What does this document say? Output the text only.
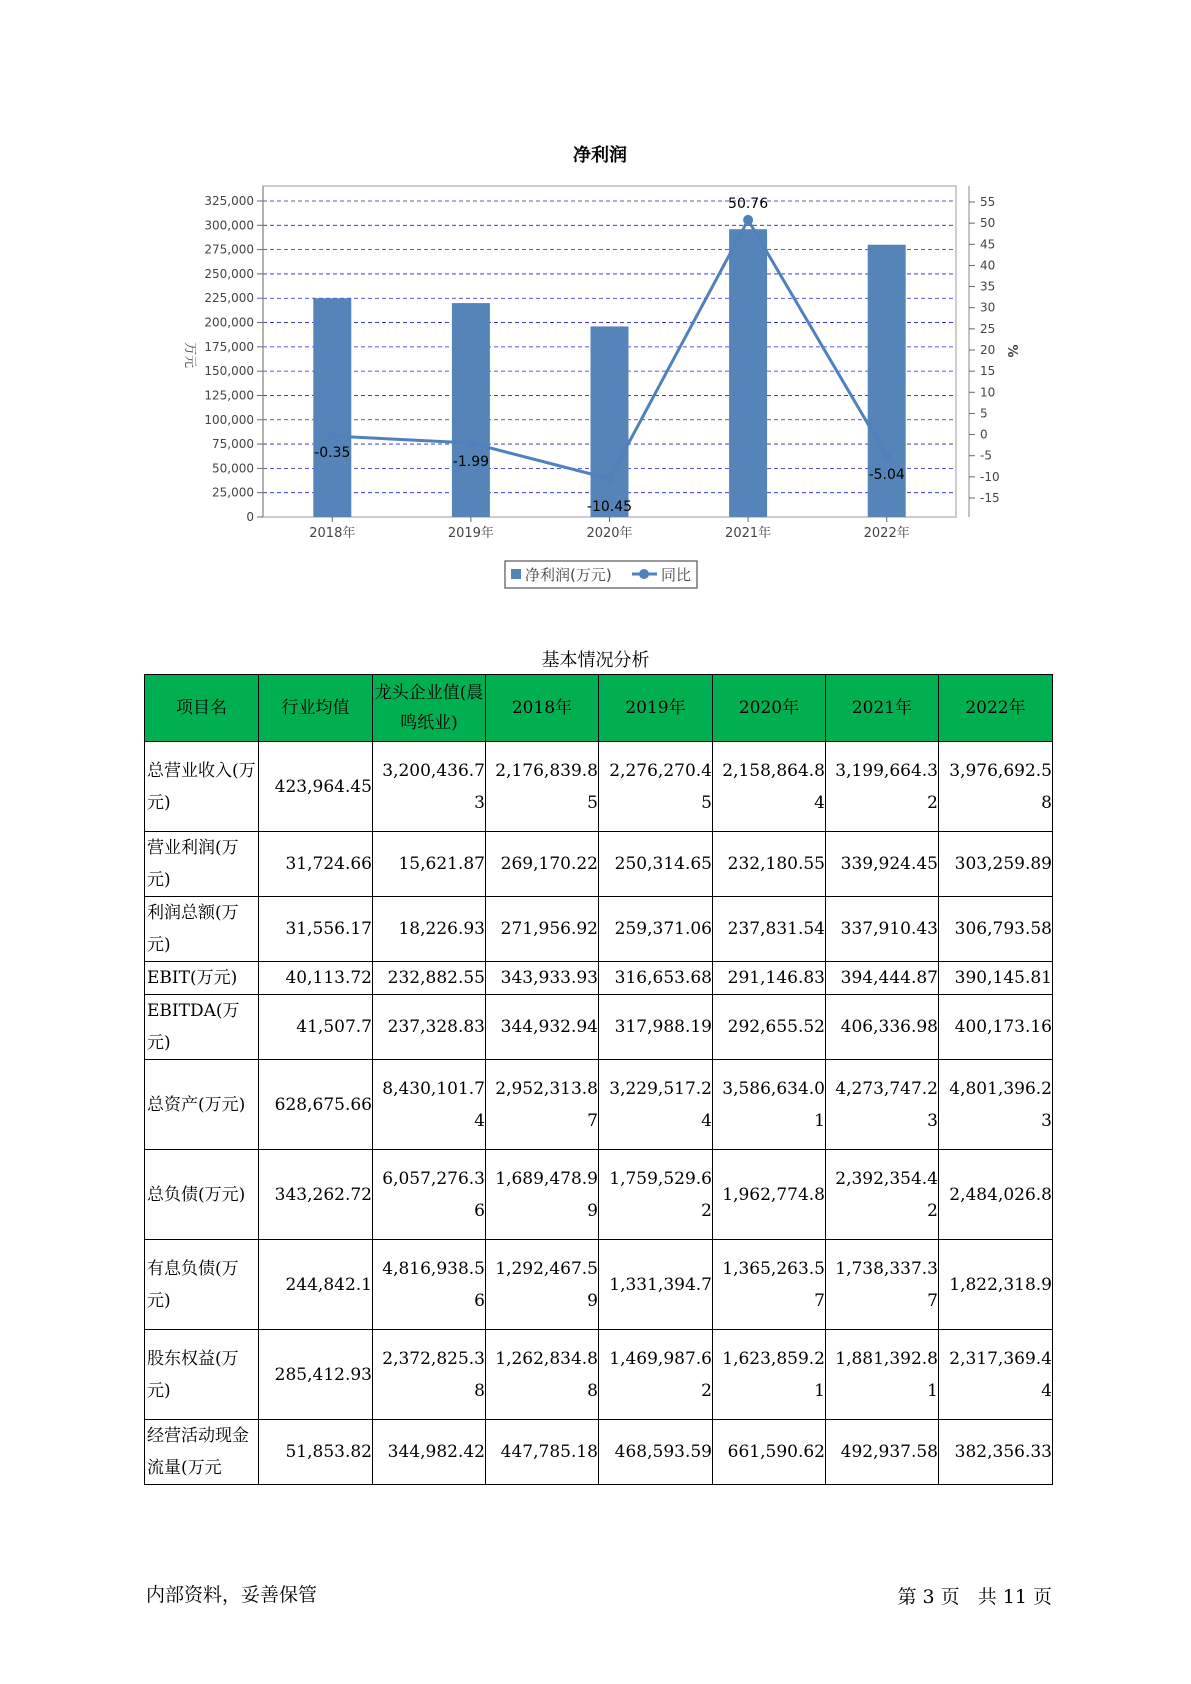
净利润
0
25,000
50,000
75,000
100,000
125,000
150,000
175,000
200,000
225,000
250,000
275,000
300,000
325,000
-15
-10
-5
0
5
10
15
20
25
30
35
40
45
50
55
2018年	2019年	2020年	2021年	2022年
-0.35
-1.99
-10.45
50.76
-5.04
万元	%
净利润(万元)	同比
基本情况分析
项目名	行业均值	龙头企业值(晨鸣纸业)	2018年	2019年	2020年	2021年	2022年
总营业收入(万元)	423,964.45	3,200,436.73	2,176,839.85	2,276,270.45	2,158,864.84	3,199,664.32	3,976,692.58
营业利润(万元)	31,724.66	15,621.87	269,170.22	250,314.65	232,180.55	339,924.45	303,259.89
利润总额(万元)	31,556.17	18,226.93	271,956.92	259,371.06	237,831.54	337,910.43	306,793.58
EBIT(万元)	40,113.72	232,882.55	343,933.93	316,653.68	291,146.83	394,444.87	390,145.81
EBITDA(万元)	41,507.7	237,328.83	344,932.94	317,988.19	292,655.52	406,336.98	400,173.16
总资产(万元)	628,675.66	8,430,101.74	2,952,313.87	3,229,517.24	3,586,634.01	4,273,747.23	4,801,396.23
总负债(万元)	343,262.72	6,057,276.36	1,689,478.99	1,759,529.62	1,962,774.8	2,392,354.42	2,484,026.8
有息负债(万元)	244,842.1	4,816,938.56	1,292,467.59	1,331,394.7	1,365,263.57	1,738,337.37	1,822,318.9
股东权益(万元)	285,412.93	2,372,825.38	1,262,834.88	1,469,987.62	1,623,859.21	1,881,392.81	2,317,369.44
经营活动现金流量(万元	51,853.82	344,982.42	447,785.18	468,593.59	661,590.62	492,937.58	382,356.33
内部资料，妥善保管	第 3 页   共 11 页
